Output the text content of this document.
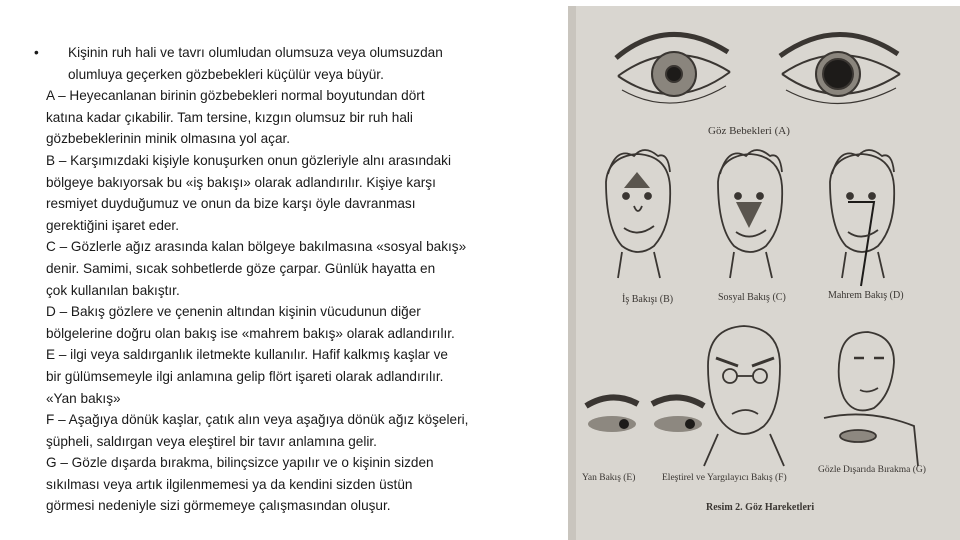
• Kişinin ruh hali ve tavrı olumludan olumsuza veya olumsuzdan
olumluya geçerken gözbebekleri küçülür veya büyür.
A – Heyecanlanan birinin gözbebekleri normal boyutundan dört
katına kadar çıkabilir. Tam tersine, kızgın olumsuz bir ruh hali
gözbebeklerinin minik olmasına yol açar.
B – Karşımızdaki kişiyle konuşurken onun gözleriyle alnı arasındaki
bölgeye bakıyorsak bu «iş bakışı» olarak adlandırılır. Kişiye karşı
resmiyet duyduğumuz ve onun da bize karşı öyle davranması
gerektiğini işaret eder.
C – Gözlerle ağız arasında kalan bölgeye bakılmasına «sosyal bakış»
denir. Samimi, sıcak sohbetlerde göze çarpar. Günlük hayatta en
çok kullanılan bakıştır.
D – Bakış gözlere ve çenenin altından kişinin vücudunun diğer
bölgelerine doğru olan bakış ise «mahrem bakış» olarak adlandırılır.
E – ilgi veya saldırganlık iletmekte kullanılır. Hafif kalkmış kaşlar ve
bir gülümsemeyle ilgi anlamına gelip flört işareti olarak adlandırılır.
«Yan bakış»
F – Aşağıya dönük kaşlar, çatık alın veya aşağıya dönük ağız köşeleri,
şüpheli, saldırgan veya eleştirel bir tavır anlamına gelir.
G – Gözle dışarda bırakma, bilinçsizce yapılır ve o kişinin sizden
sıkılması veya artık ilgilenmemesi ya da kendini sizden üstün
görmesi nedeniyle sizi görmemeye çalışmasından oluşur.
Göz Bebekleri (A)
İş Bakışı (B)	Sosyal Bakış (C)	Mahrem Bakış (D)
Yan Bakış (E)	Eleştirel ve Yargılayıcı Bakış (F)
Gözle Dışarıda Bırakma (G)
Resim 2. Göz Hareketleri
